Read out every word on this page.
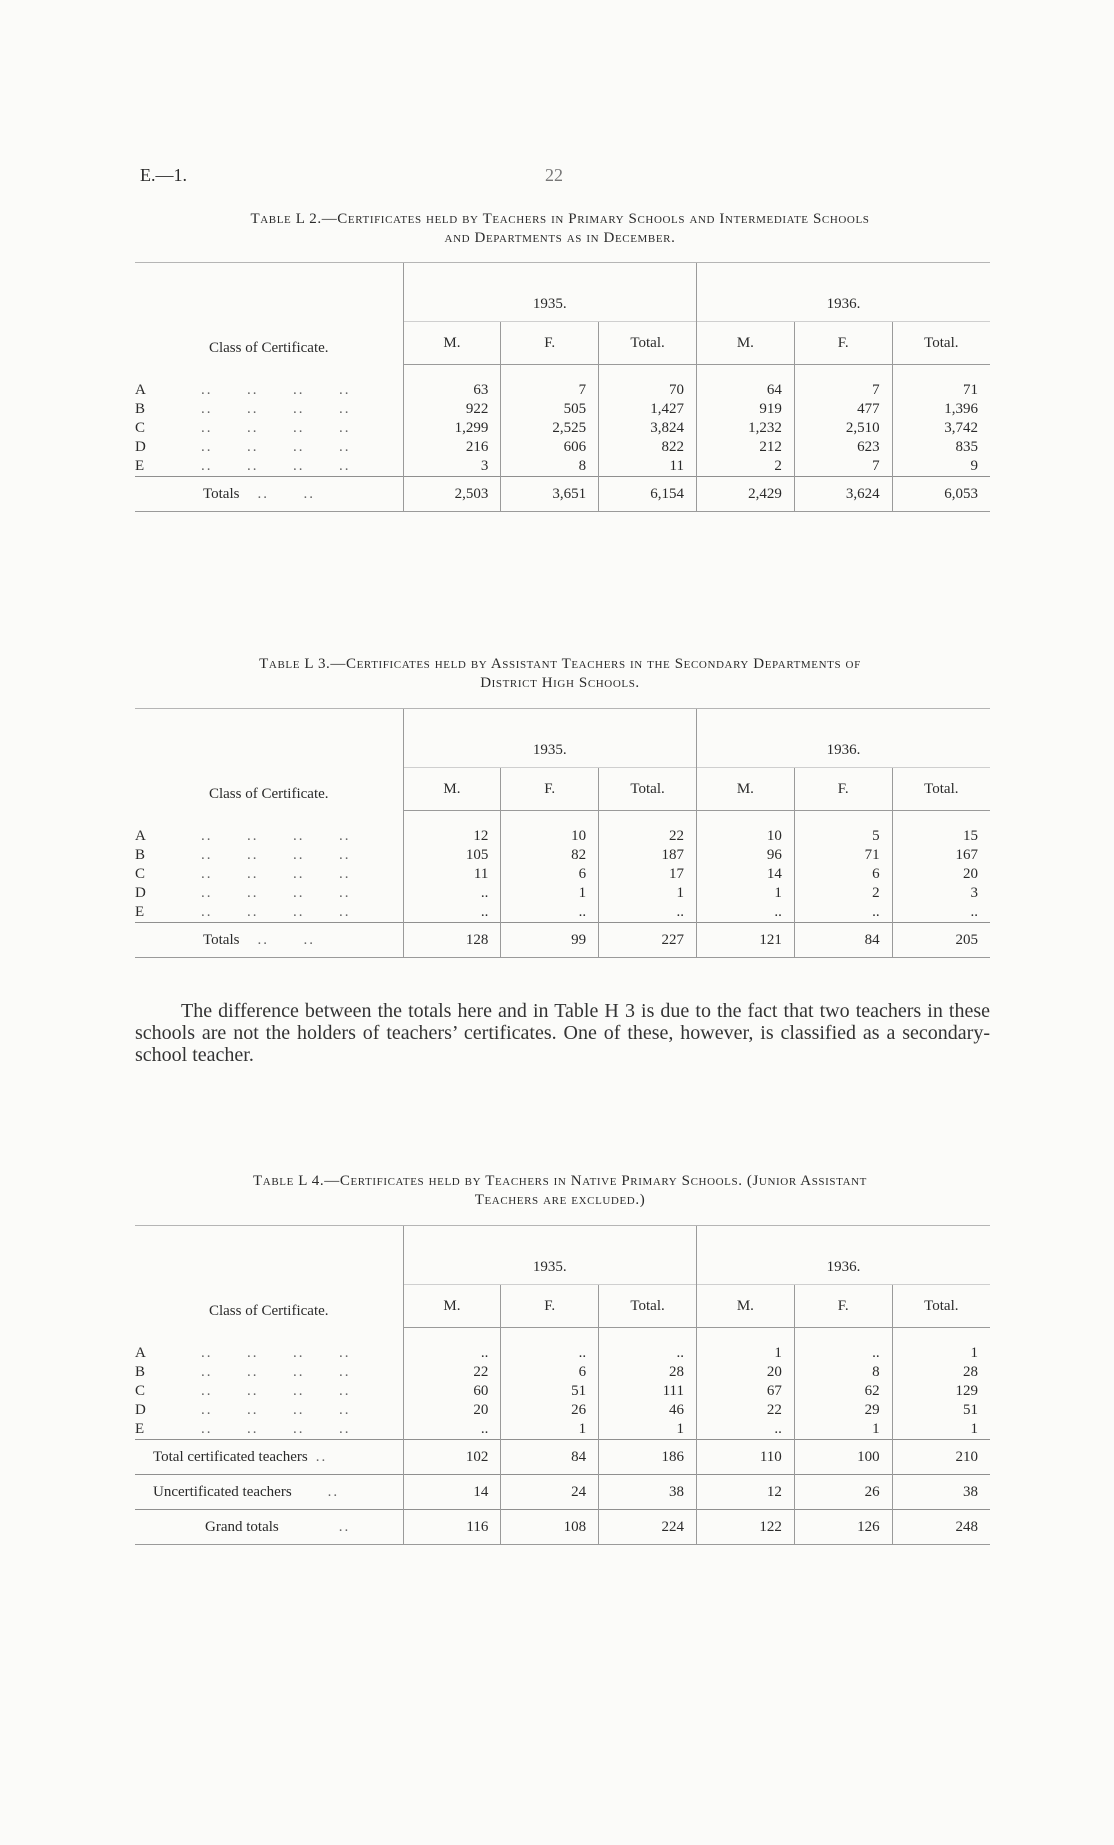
E.—1.	22
Table L 2.—Certificates held by Teachers in Primary Schools and Intermediate Schools
and Departments as in December.
Class of Certificate.	1935.			1936.		
	M.	F.	Total.	M.	F.	Total.

A ..      ..      ..      ..	63	7	70	64	7	71

B ..      ..      ..      ..	922	505	1,427	919	477	1,396

C ..      ..      ..      ..	1,299	2,525	3,824	1,232	2,510	3,742

D ..      ..      ..      ..	216	606	822	212	623	835

E ..      ..      ..      ..	3	8	11	2	7	9

Totals ..      ..	2,503	3,651	6,154	2,429	3,624	6,053
Table L 3.—Certificates held by Assistant Teachers in the Secondary Departments of
District High Schools.
Class of Certificate.	1935.			1936.		
	M.	F.	Total.	M.	F.	Total.

A ..      ..      ..      ..	12	10	22	10	5	15

B ..      ..      ..      ..	105	82	187	96	71	167

C ..      ..      ..      ..	11	6	17	14	6	20

D ..      ..      ..      ..	..	1	1	1	2	3

E ..      ..      ..      ..	..	..	..	..	..	..

Totals ..      ..	128	99	227	121	84	205
The difference between the totals here and in Table H 3 is due to the fact that two teachers in these schools are not the holders of teachers’ certificates. One of these, however, is classified as a secondary-school teacher.
Table L 4.—Certificates held by Teachers in Native Primary Schools. (Junior Assistant
Teachers are excluded.)
Class of Certificate.	1935.			1936.		
	M.	F.	Total.	M.	F.	Total.

A ..      ..      ..      ..	..	..	..	1	..	1

B ..      ..      ..      ..	22	6	28	20	8	28

C ..      ..      ..      ..	60	51	111	67	62	129

D ..      ..      ..      ..	20	26	46	22	29	51

E ..      ..      ..      ..	..	1	1	..	1	1

Total certificated teachers ..	102	84	186	110	100	210

Uncertificated teachers ..	14	24	38	12	26	38

Grand totals ..	116	108	224	122	126	248
